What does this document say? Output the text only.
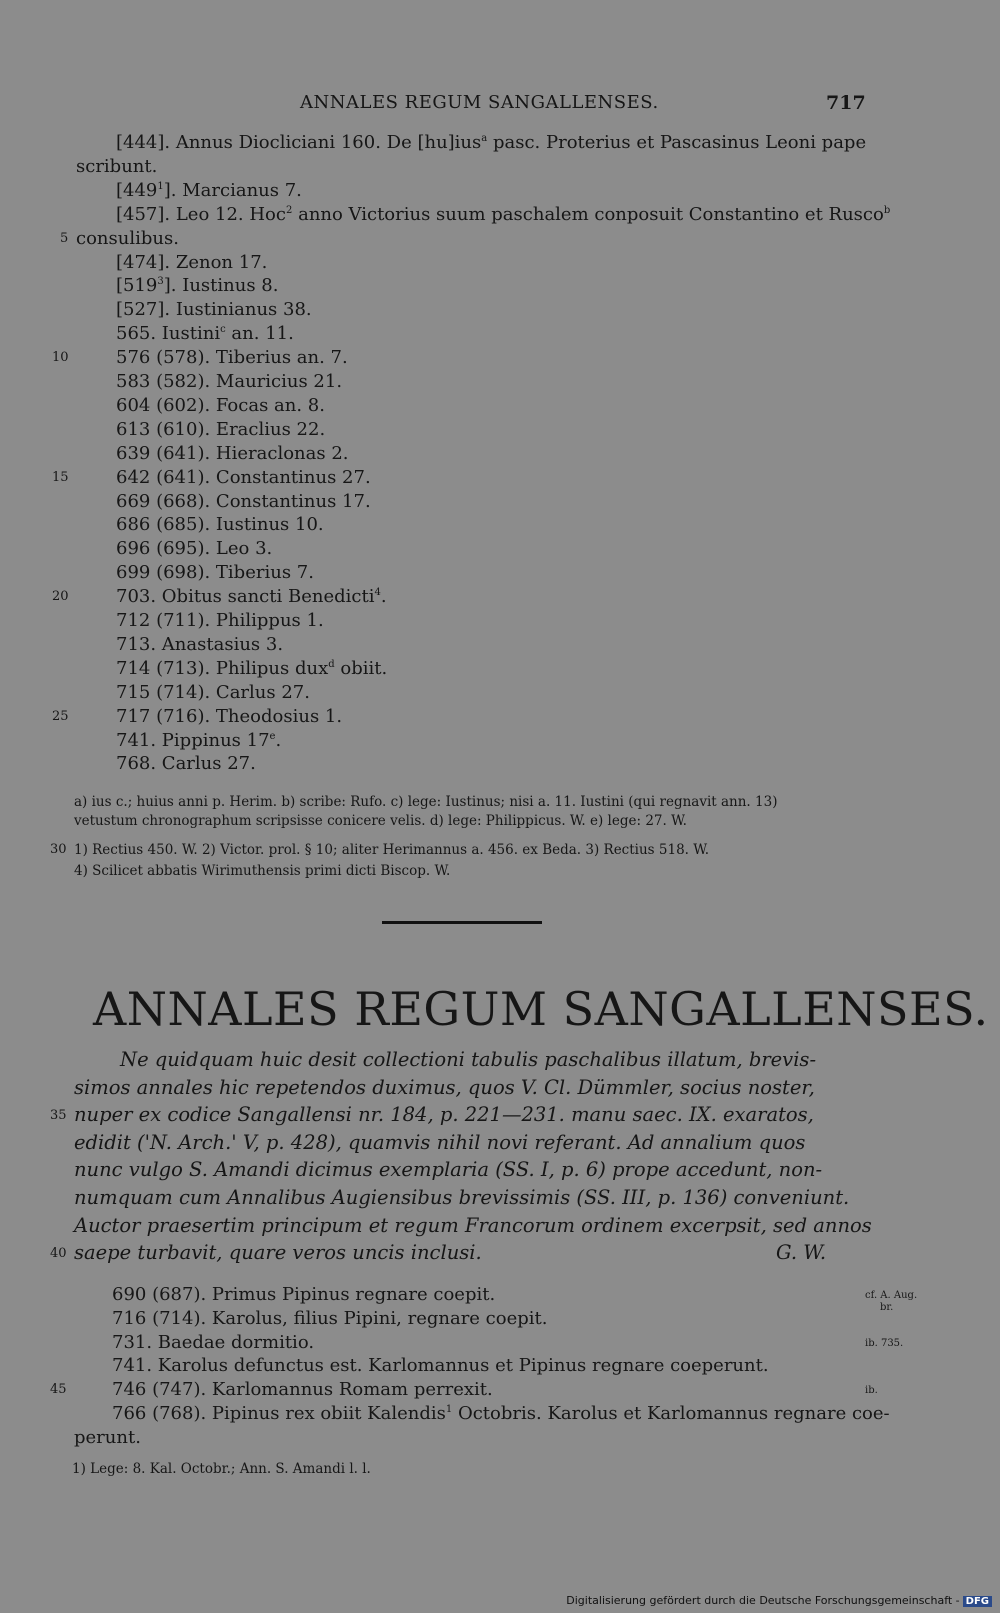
ANNALES REGUM SANGALLENSES.	717
[444]. Annus Diocliciani 160. De [hu]ius$^a$ pasc. Proterius et Pascasinus Leoni pape
scribunt.
$[449^1]$. Marcianus 7.
[457]. Leo 12. Hoc$^2$ anno Victorius suum paschalem conposuit Constantino et Rusco$^b$
consulibus.
5
[474]. Zenon 17.
$[519^3]$. Iustinus 8.
[527]. Iustinianus 38.
565. Iustini$^c$ an. 11.
576 (578). Tiberius an. 7.
10
583 (582). Mauricius 21.
604 (602). Focas an. 8.
613 (610). Eraclius 22.
639 (641). Hieraclonas 2.
642 (641). Constantinus 27.
15
669 (668). Constantinus 17.
686 (685). Iustinus 10.
696 (695). Leo 3.
699 (698). Tiberius 7.
703. Obitus sancti Benedicti$^4$.
20
712 (711). Philippus 1.
713. Anastasius 3.
714 (713). Philipus dux$^d$ obiit.
715 (714). Carlus 27.
717 (716). Theodosius 1.
25
741. Pippinus 17e.
768. Carlus 27.
a) ius c.; huius anni p. Herim. b) scribe: Rufo. c) lege: Iustinus; nisi a. 11. Iustini (qui regnavit ann. 13)
vetustum chronographum scripsisse conicere velis. d) lege: Philippicus. W. e) lege: 27. W.
1) Rectius 450. W. 2) Victor. prol. § 10; aliter Herimannus a. 456. ex Beda. 3) Rectius 518. W.
30
4) Scilicet abbatis Wirimuthensis primi dicti Biscop. W.
ANNALES REGUM SANGALLENSES.
Ne quidquam huic desit collectioni tabulis paschalibus illatum, brevis-
simos annales hic repetendos duximus, quos V. Cl. Dümmler, socius noster,
nuper ex codice Sangallensi nr. 184, p. 221—231. manu saec. IX. exaratos,
35
edidit ('N. Arch.' V, p. 428), quamvis nihil novi referant. Ad annalium quos
nunc vulgo S. Amandi dicimus exemplaria (SS. I, p. 6) prope accedunt, non-
numquam cum Annalibus Augiensibus brevissimis (SS. III, p. 136) conveniunt.
Auctor praesertim principum et regum Francorum ordinem excerpsit, sed annos
saepe turbavit, quare veros uncis inclusi.	G. W.
40
690 (687). Primus Pipinus regnare coepit.	cf. A. Aug.
br.
716 (714). Karolus, filius Pipini, regnare coepit.
731. Baedae dormitio.	ib. 735.
741. Karolus defunctus est. Karlomannus et Pipinus regnare coeperunt.
746 (747). Karlomannus Romam perrexit.
45	ib.
766 (768). Pipinus rex obiit Kalendis$^1$ Octobris. Karolus et Karlomannus regnare coe-
perunt.
1) Lege: 8. Kal. Octobr.; Ann. S. Amandi l. l.
Digitalisierung gefördert durch die Deutsche Forschungsgemeinschaft - DFG
